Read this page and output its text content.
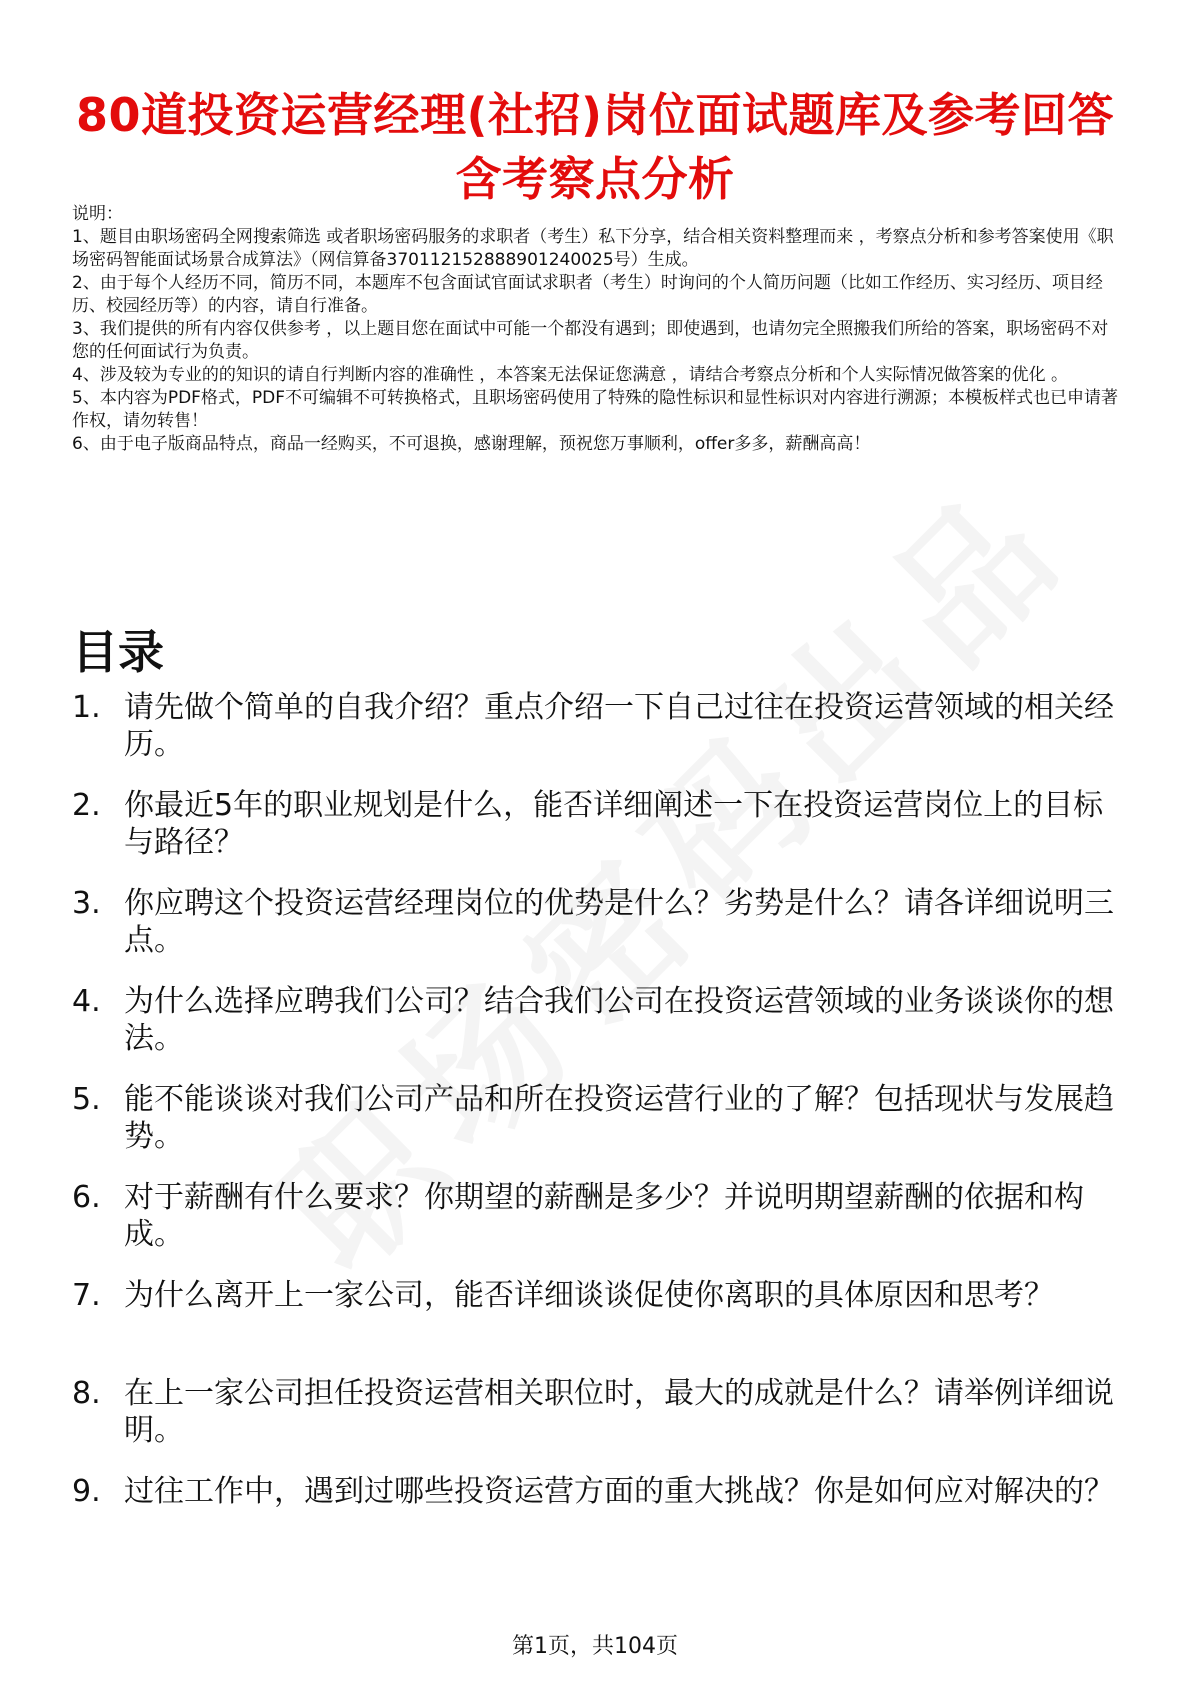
80道投资运营经理(社招)岗位面试题库及参考回答含考察点分析

说明：

1、题目由职场密码全网搜索筛选 或者职场密码服务的求职者（考生）私下分享，结合相关资料整理而来 ，考察点分析和参考答案使用《职场密码智能面试场景合成算法》（网信算备370112152888901240025号）生成。

2、由于每个人经历不同，简历不同，本题库不包含面试官面试求职者（考生）时询问的个人简历问题（比如工作经历、实习经历、项目经历、校园经历等）的内容，请自行准备。

3、我们提供的所有内容仅供参考 ，以上题目您在面试中可能一个都没有遇到；即使遇到，也请勿完全照搬我们所给的答案，职场密码不对您的任何面试行为负责。

4、涉及较为专业的的知识的请自行判断内容的准确性 ，本答案无法保证您满意 ，请结合考察点分析和个人实际情况做答案的优化 。

5、本内容为PDF格式，PDF不可编辑不可转换格式，且职场密码使用了特殊的隐性标识和显性标识对内容进行溯源；本模板样式也已申请著作权，请勿转售！

6、由于电子版商品特点，商品一经购买，不可退换，感谢理解，预祝您万事顺利，offer多多，薪酬高高！

目录
1. 请先做个简单的自我介绍？重点介绍一下自己过往在投资运营领域的相关经历。
2. 你最近5年的职业规划是什么，能否详细阐述一下在投资运营岗位上的目标与路径？
3. 你应聘这个投资运营经理岗位的优势是什么？劣势是什么？请各详细说明三点。
4. 为什么选择应聘我们公司？结合我们公司在投资运营领域的业务谈谈你的想法。
5. 能不能谈谈对我们公司产品和所在投资运营行业的了解？包括现状与发展趋势。
6. 对于薪酬有什么要求？你期望的薪酬是多少？并说明期望薪酬的依据和构成。
7. 为什么离开上一家公司，能否详细谈谈促使你离职的具体原因和思考？
8. 在上一家公司担任投资运营相关职位时，最大的成就是什么？请举例详细说明。
9. 过往工作中，遇到过哪些投资运营方面的重大挑战？你是如何应对解决的？
第1页，共104页
